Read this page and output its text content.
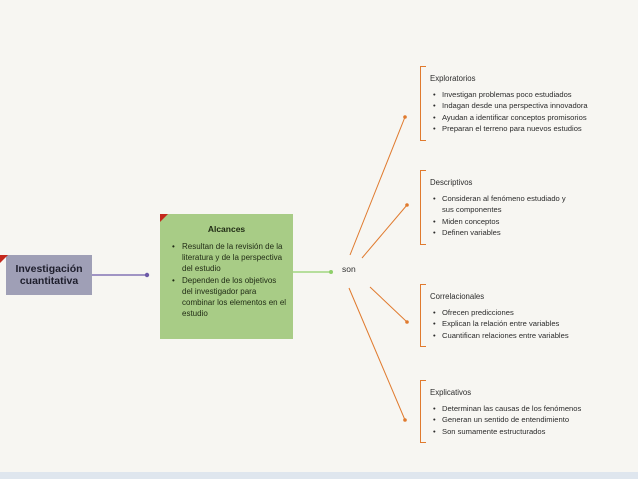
Investigación cuantitativa
Alcances
• Resultan de la revisión de la literatura y de la perspectiva del estudio
• Dependen de los objetivos del investigador para combinar los elementos en el estudio
son
Exploratorios
• Investigan problemas poco estudiados
• Indagan desde una perspectiva innovadora
• Ayudan a identificar conceptos promisorios
• Preparan el terreno para nuevos estudios
Descriptivos
• Consideran al fenómeno estudiado y sus componentes
• Miden conceptos
• Definen variables
Correlacionales
• Ofrecen predicciones
• Explican la relación entre variables
• Cuantifican relaciones entre variables
Explicativos
• Determinan las causas de los fenómenos
• Generan un sentido de entendimiento
• Son sumamente estructurados
